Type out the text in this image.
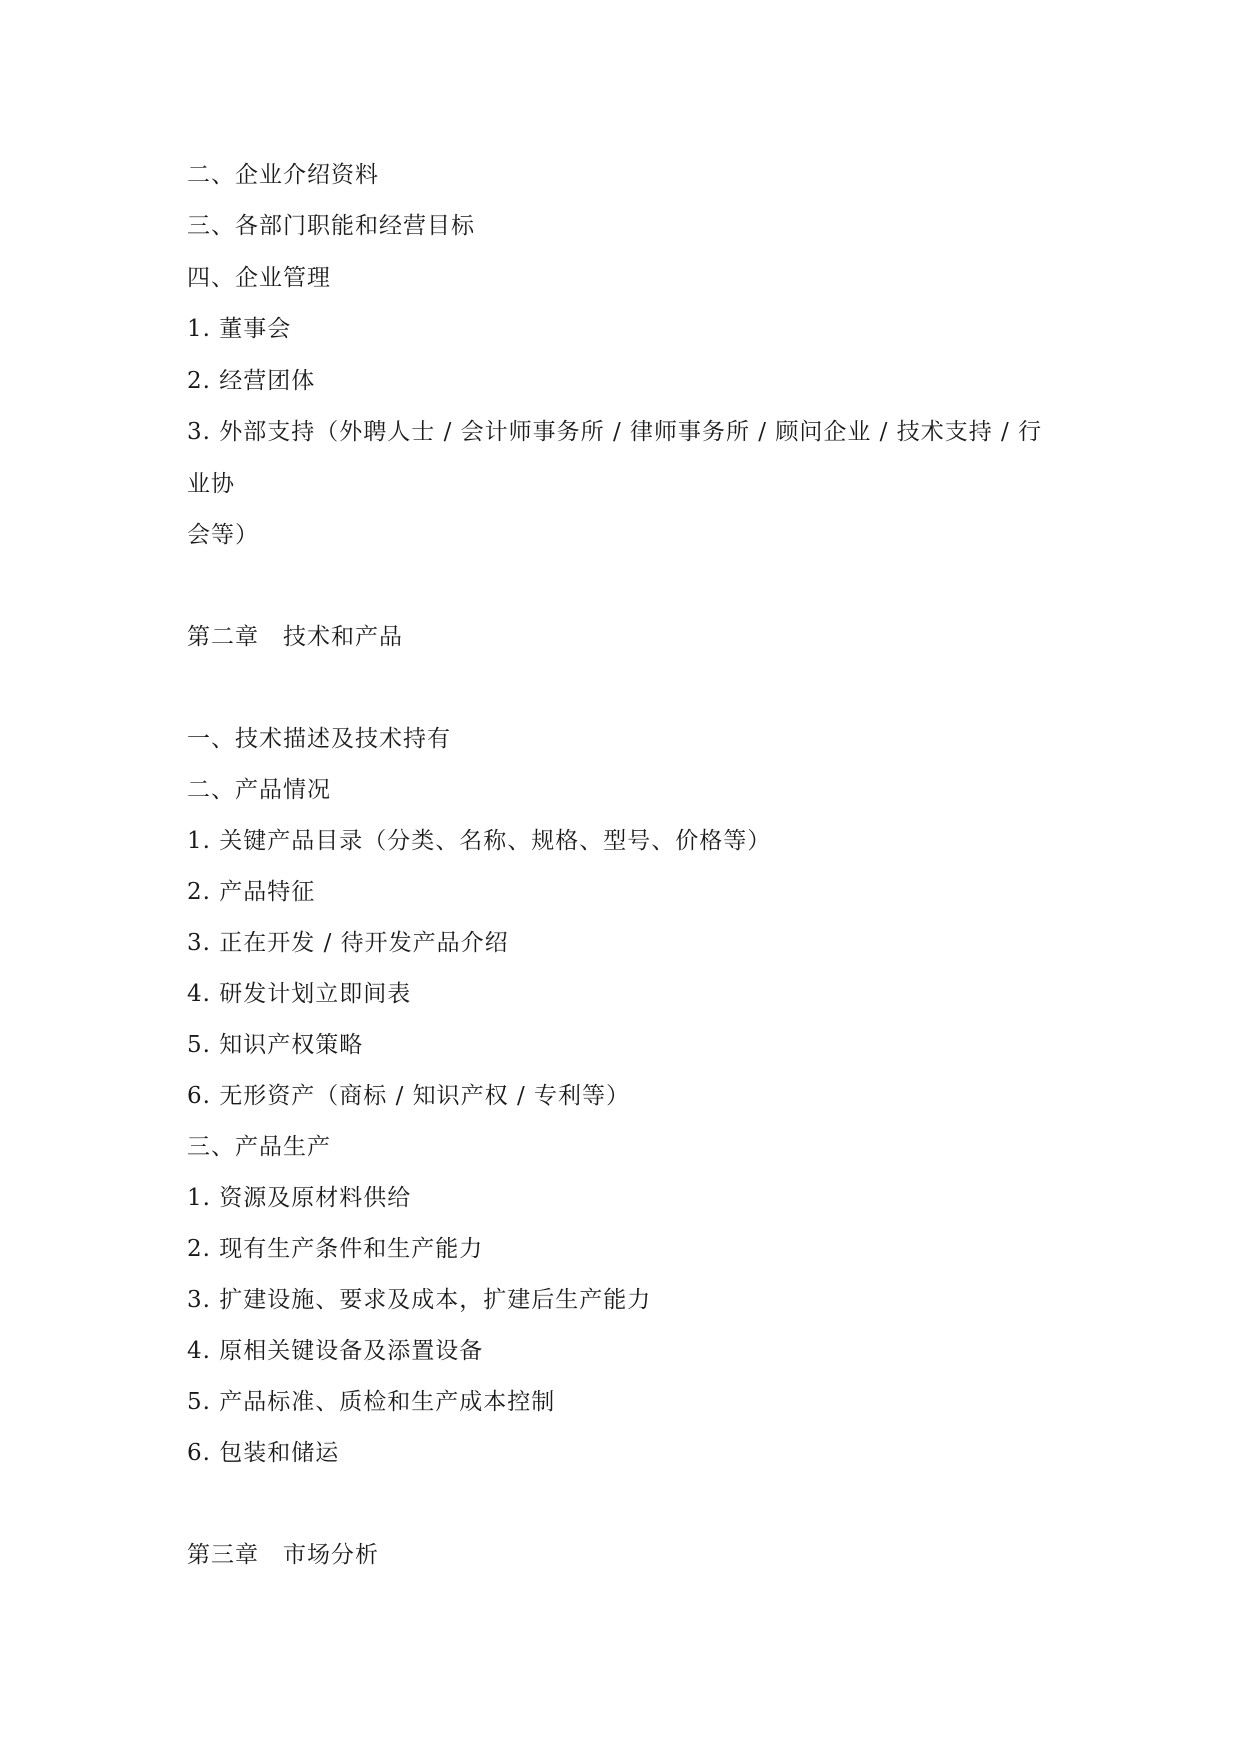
二、企业介绍资料
三、各部门职能和经营目标
四、企业管理
1. 董事会
2. 经营团体
3. 外部支持（外聘人士 / 会计师事务所 / 律师事务所 / 顾问企业 / 技术支持 / 行
业协
会等）
第二章　技术和产品
一、技术描述及技术持有
二、产品情况
1. 关键产品目录（分类、名称、规格、型号、价格等）
2. 产品特征
3. 正在开发 / 待开发产品介绍
4. 研发计划立即间表
5. 知识产权策略
6. 无形资产（商标 / 知识产权 / 专利等）
三、产品生产
1. 资源及原材料供给
2. 现有生产条件和生产能力
3. 扩建设施、要求及成本，扩建后生产能力
4. 原相关键设备及添置设备
5. 产品标准、质检和生产成本控制
6. 包装和储运
第三章　市场分析
